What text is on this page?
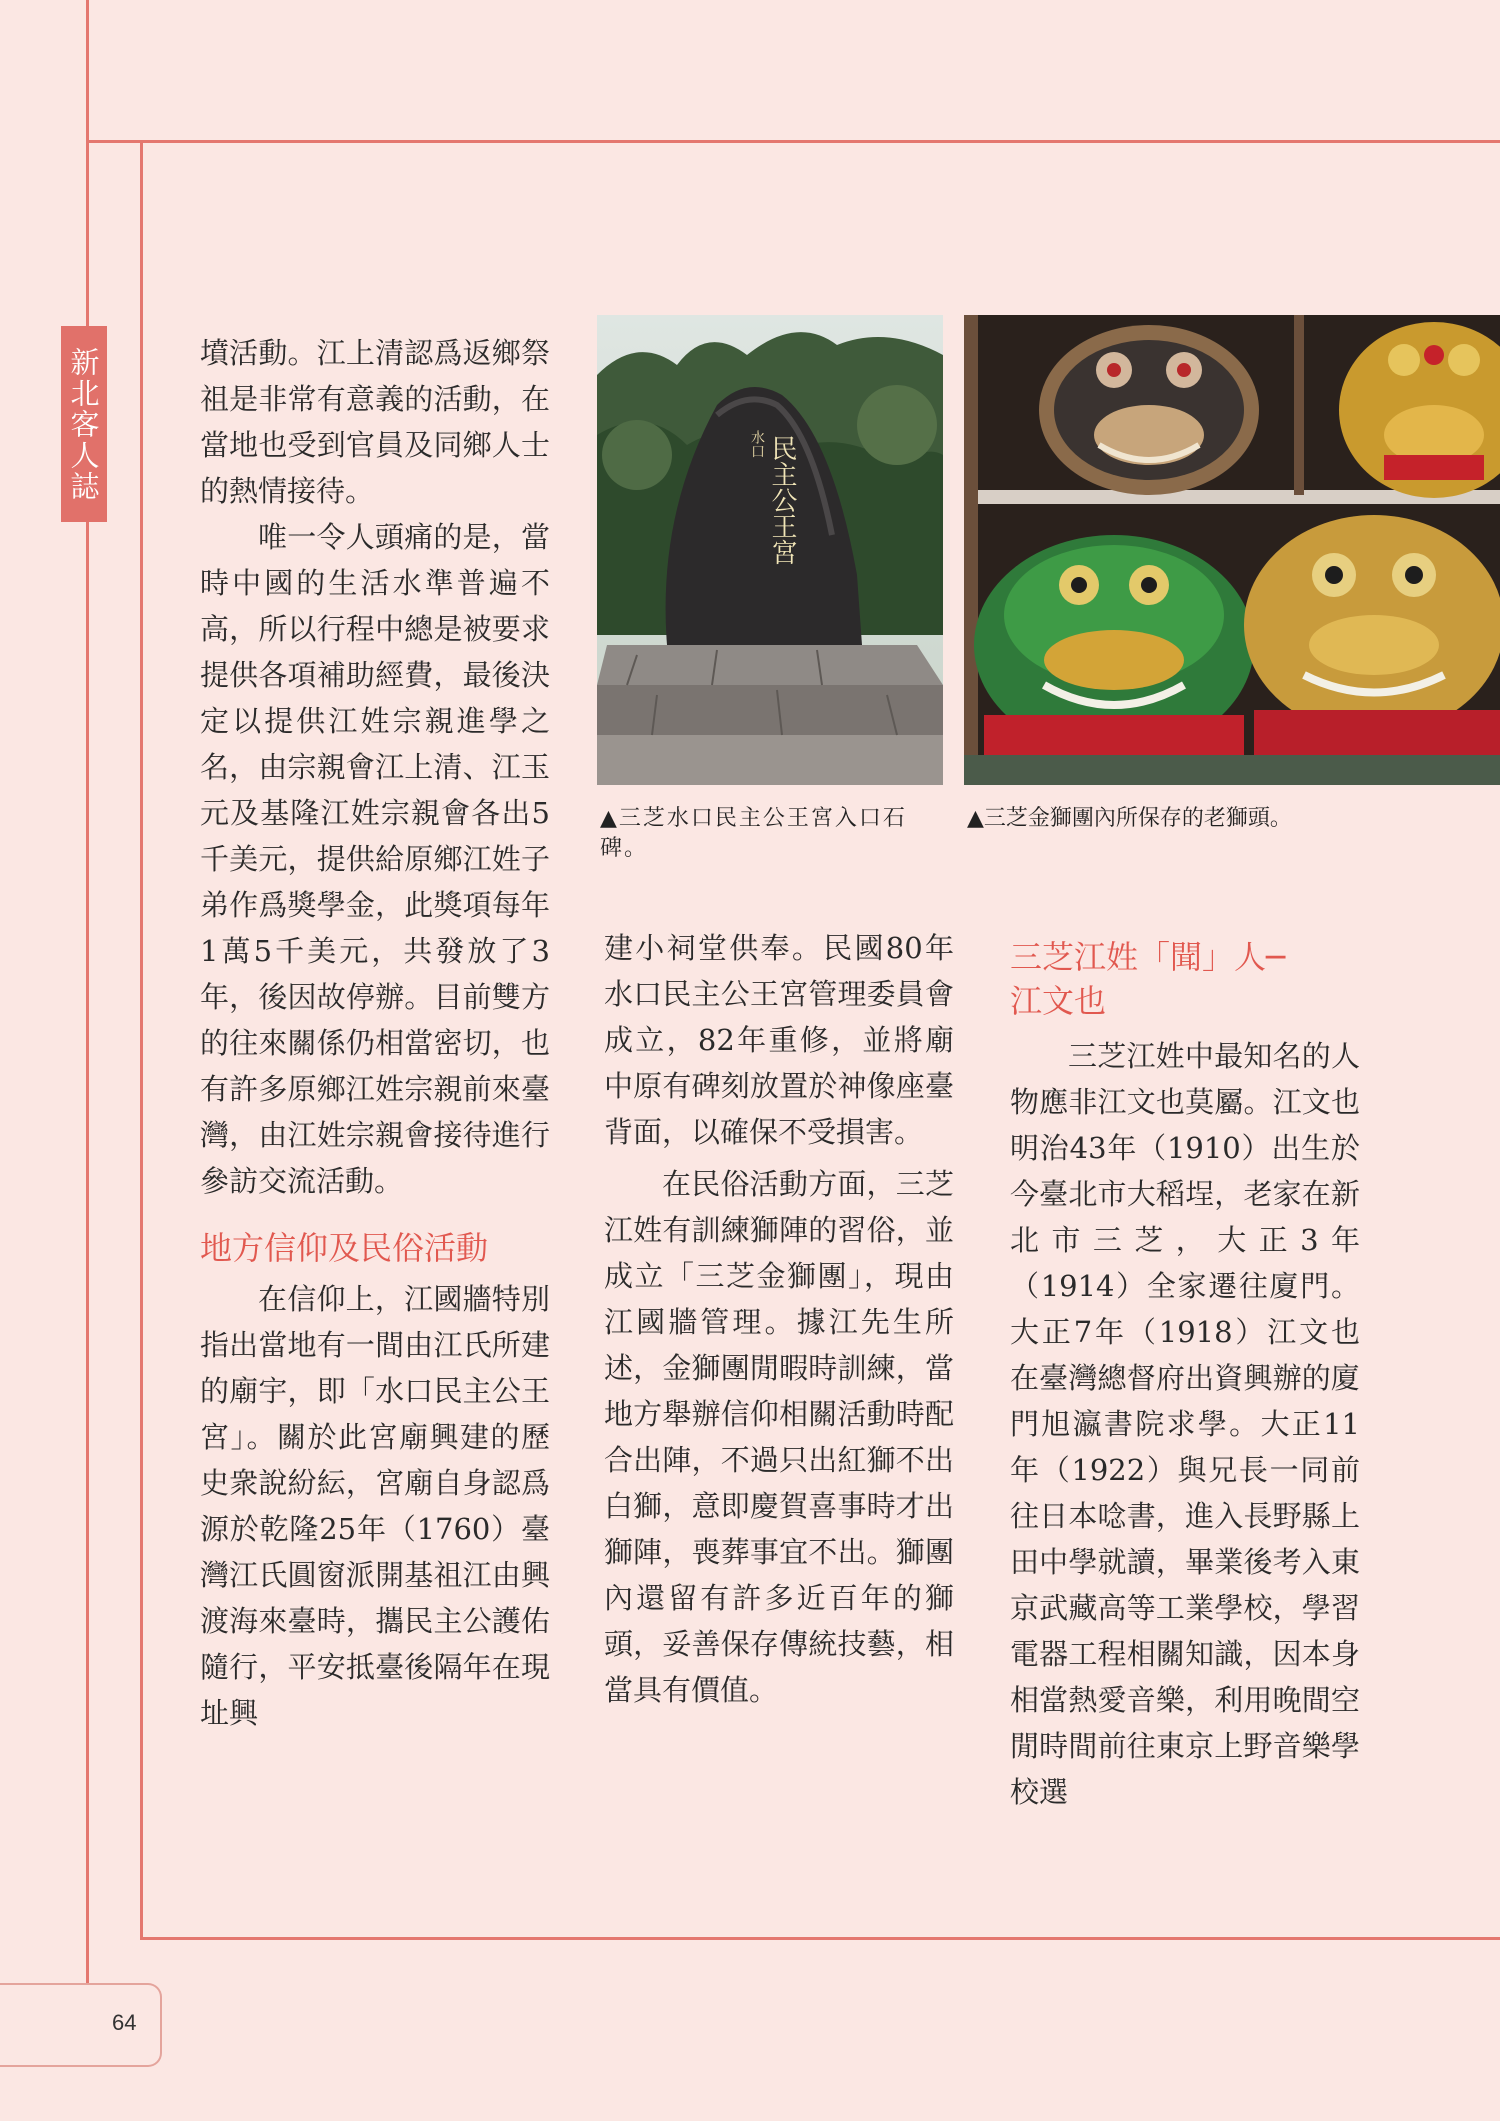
新北客人誌	墳活動。江上清認爲返鄉祭祖是非常有意義的活動，在當地也受到官員及同鄉人士的熱情接待。

唯一令人頭痛的是，當時中國的生活水準普遍不高，所以行程中總是被要求提供各項補助經費，最後決定以提供江姓宗親進學之名，由宗親會江上清、江玉元及基隆江姓宗親會各出5千美元，提供給原鄉江姓子弟作爲獎學金，此獎項每年1萬5千美元，共發放了3年，後因故停辦。目前雙方的往來關係仍相當密切，也有許多原鄉江姓宗親前來臺灣，由江姓宗親會接待進行參訪交流活動。

地方信仰及民俗活動

在信仰上，江國牆特別指出當地有一間由江氏所建的廟宇，即「水口民主公王宮」。關於此宮廟興建的歷史衆說紛紜，宮廟自身認爲源於乾隆25年（1760）臺灣江氏圓窗派開基祖江由興渡海來臺時，攜民主公護佑隨行，平安抵臺後隔年在現址興

水口 民主公王宮
▲三芝水口民主公王宮入口石碑。
▲三芝金獅團內所保存的老獅頭。

建小祠堂供奉。民國80年水口民主公王宮管理委員會成立，82年重修，並將廟中原有碑刻放置於神像座臺背面，以確保不受損害。

在民俗活動方面，三芝江姓有訓練獅陣的習俗，並成立「三芝金獅團」，現由江國牆管理。據江先生所述，金獅團閒暇時訓練，當地方舉辦信仰相關活動時配合出陣，不過只出紅獅不出白獅，意即慶賀喜事時才出獅陣，喪葬事宜不出。獅團內還留有許多近百年的獅頭，妥善保存傳統技藝，相當具有價值。

三芝江姓「聞」人─
江文也

三芝江姓中最知名的人物應非江文也莫屬。江文也明治43年（1910）出生於今臺北市大稻埕，老家在新北市三芝，大正3年（1914）全家遷往廈門。大正7年（1918）江文也在臺灣總督府出資興辦的廈門旭瀛書院求學。大正11年（1922）與兄長一同前往日本唸書，進入長野縣上田中學就讀，畢業後考入東京武藏高等工業學校，學習電器工程相關知識，因本身相當熱愛音樂，利用晚間空閒時間前往東京上野音樂學校選

64
